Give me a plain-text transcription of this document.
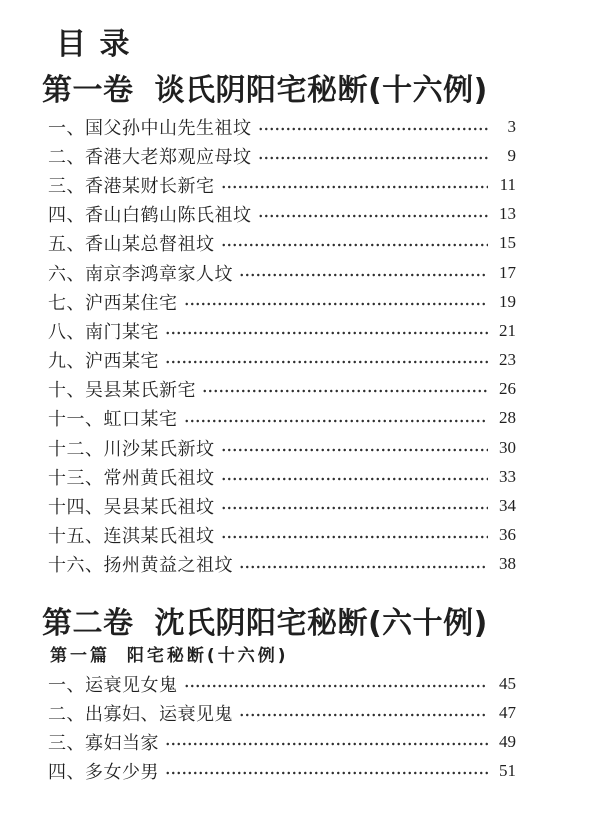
目 录
第一卷 谈氏阴阳宅秘断(十六例)
一、国父孙中山先生祖坟	3
二、香港大老郑观应母坟	9
三、香港某财长新宅	11
四、香山白鹤山陈氏祖坟	13
五、香山某总督祖坟	15
六、南京李鸿章家人坟	17
七、沪西某住宅	19
八、南门某宅	21
九、沪西某宅	23
十、吴县某氏新宅	26
十一、虹口某宅	28
十二、川沙某氏新坟	30
十三、常州黄氏祖坟	33
十四、吴县某氏祖坟	34
十五、连淇某氏祖坟	36
十六、扬州黄益之祖坟	38
第二卷 沈氏阴阳宅秘断(六十例)
第一篇 阳宅秘断(十六例)
一、运衰见女鬼	45
二、出寡妇、运衰见鬼	47
三、寡妇当家	49
四、多女少男	51
